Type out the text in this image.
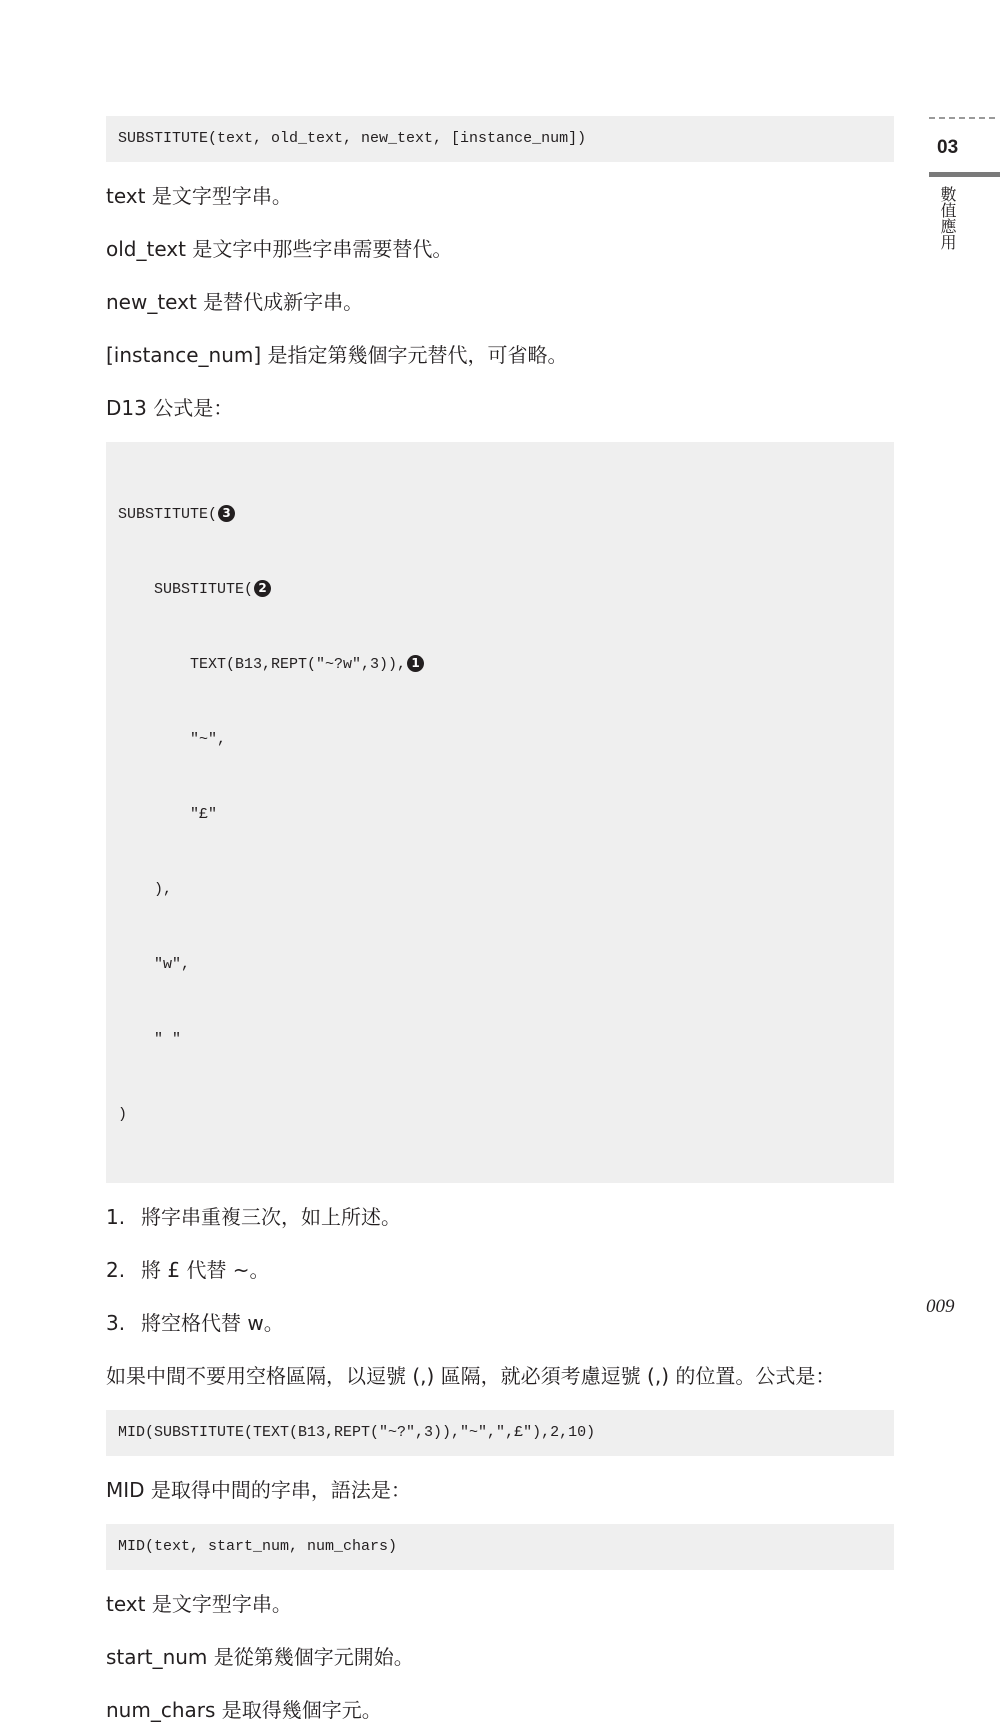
SUBSTITUTE(text, old_text, new_text, [instance_num])

text 是文字型字串。

old_text 是文字中那些字串需要替代。

new_text 是替代成新字串。

[instance_num] 是指定第幾個字元替代，可省略。

D13 公式是：

SUBSTITUTE( 3

SUBSTITUTE( 2

TEXT(B13,REPT("~?w",3)), 1

"~",

"£"

),

"w",

" "

)

1. 將字串重複三次，如上所述。

2. 將 £ 代替 ~。

3. 將空格代替 w。

如果中間不要用空格區隔，以逗號 (,) 區隔，就必須考慮逗號 (,) 的位置。公式是：

MID(SUBSTITUTE(TEXT(B13,REPT("~?",3)),"~",",£"),2,10)

MID 是取得中間的字串，語法是：

MID(text, start_num, num_chars)

text 是文字型字串。

start_num 是從第幾個字元開始。

num_chars 是取得幾個字元。

03
數值應用
009
